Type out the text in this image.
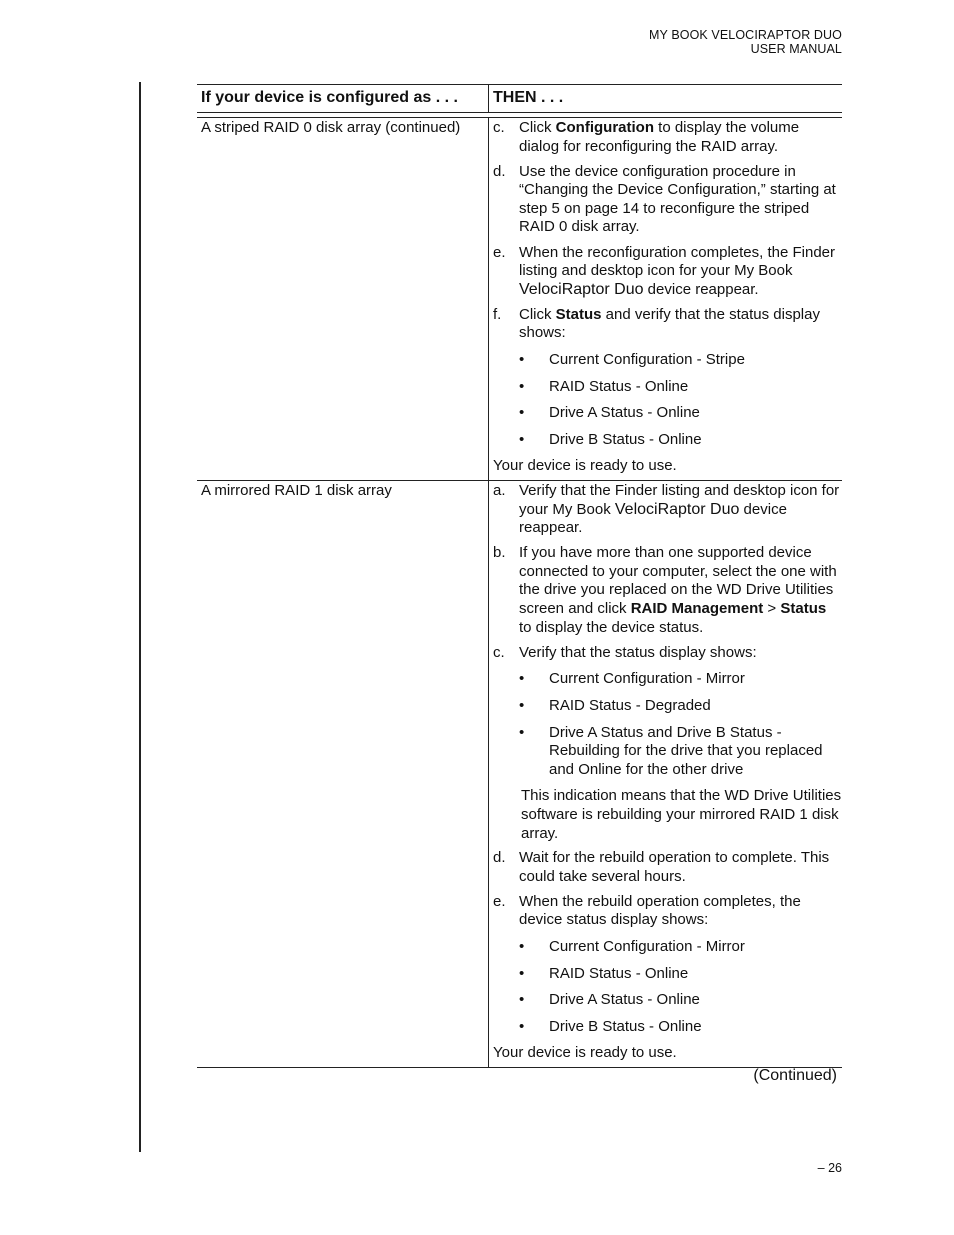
MY BOOK VELOCIRAPTOR DUO
USER MANUAL
If your device is configured as . . .	THEN . . .
A striped RAID 0 disk array (continued)	c. Click Configuration to display the volume dialog for reconfiguring the RAID array.
d. Use the device configuration procedure in “Changing the Device Configuration,” starting at step 5 on page 14 to reconfigure the striped RAID 0 disk array.
e. When the reconfiguration completes, the Finder listing and desktop icon for your My Book VelociRaptor Duo device reappear.
f.	Click Status and verify that the status display shows:
•	Current Configuration - Stripe
•	RAID Status - Online
•	Drive A Status - Online
•	Drive B Status - Online
Your device is ready to use.
A mirrored RAID 1 disk array	a. Verify that the Finder listing and desktop icon for your My Book VelociRaptor Duo device reappear.
b. If you have more than one supported device connected to your computer, select the one with the drive you replaced on the WD Drive Utilities screen and click RAID Management > Status to display the device status.
c. Verify that the status display shows:
•	Current Configuration - Mirror
•	RAID Status - Degraded
•	Drive A Status and Drive B Status - Rebuilding for the drive that you replaced and Online for the other drive
This indication means that the WD Drive Utilities software is rebuilding your mirrored RAID 1 disk array.
d. Wait for the rebuild operation to complete. This could take several hours.
e. When the rebuild operation completes, the device status display shows:
•	Current Configuration - Mirror
•	RAID Status - Online
•	Drive A Status - Online
•	Drive B Status - Online
Your device is ready to use.
(Continued)
– 26
